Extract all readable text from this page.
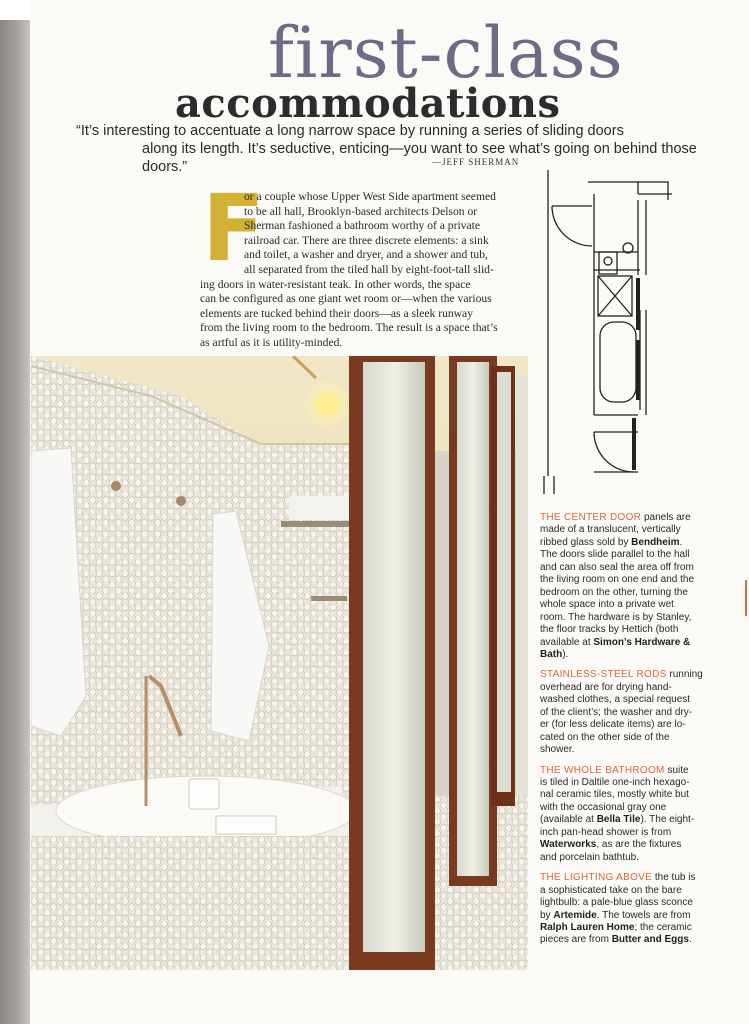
first-class
accommodations

“It’s interesting to accentuate a long narrow space by running a series of sliding doors
along its length. It’s seductive, enticing—you want to see what’s going on behind those doors.”	—JEFF SHERMAN
F
or a couple whose Upper West Side apartment seemed
to be all hall, Brooklyn-based architects Delson or
Sherman fashioned a bathroom worthy of a private
railroad car. There are three discrete elements: a sink
and toilet, a washer and dryer, and a shower and tub,
all separated from the tiled hall by eight-foot-tall slid-
ing doors in water-resistant teak. In other words, the space
can be configured as one giant wet room or—when the various
elements are tucked behind their doors—as a sleek runway
from the living room to the bedroom. The result is a space that’s
as artful as it is utility-minded.
THE CENTER DOOR panels are
made of a translucent, vertically
ribbed glass sold by Bendheim.
The doors slide parallel to the hall
and can also seal the area off from
the living room on one end and the
bedroom on the other, turning the
whole space into a private wet
room. The hardware is by Stanley,
the floor tracks by Hettich (both
available at Simon’s Hardware &
Bath).
STAINLESS-STEEL RODS running
overhead are for drying hand-
washed clothes, a special request
of the client’s; the washer and dry-
er (for less delicate items) are lo-
cated on the other side of the
shower.
THE WHOLE BATHROOM suite
is tiled in Daltile one-inch hexago-
nal ceramic tiles, mostly white but
with the occasional gray one
(available at Bella Tile). The eight-
inch pan-head shower is from
Waterworks, as are the fixtures
and porcelain bathtub.
THE LIGHTING ABOVE the tub is
a sophisticated take on the bare
lightbulb: a pale-blue glass sconce
by Artemide. The towels are from
Ralph Lauren Home; the ceramic
pieces are from Butter and Eggs.
